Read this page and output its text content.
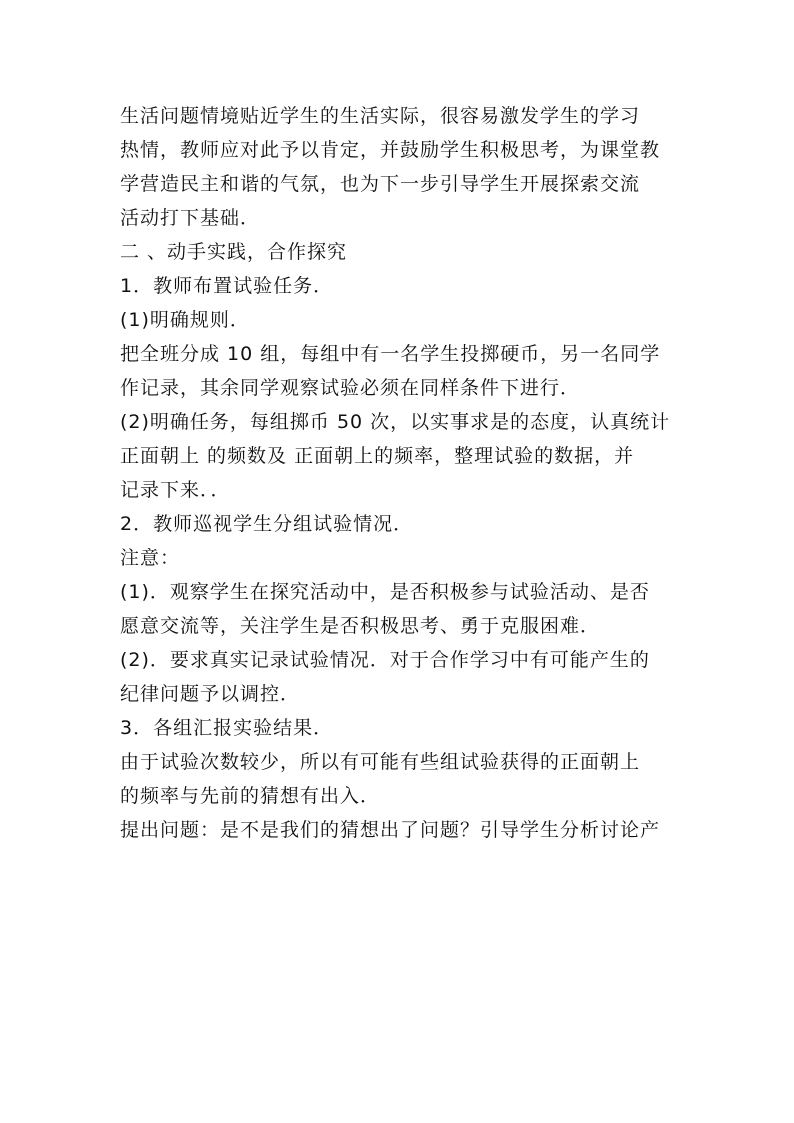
生活问题情境贴近学生的生活实际，很容易激发学生的学习
热情，教师应对此予以肯定，并鼓励学生积极思考，为课堂教
学营造民主和谐的气氛，也为下一步引导学生开展探索交流
活动打下基础．
二 、动手实践，合作探究
1．教师布置试验任务．
(1)明确规则．
把全班分成 10 组，每组中有一名学生投掷硬币，另一名同学
作记录，其余同学观察试验必须在同样条件下进行．
(2)明确任务，每组掷币 50 次，以实事求是的态度，认真统计
正面朝上 的频数及 正面朝上的频率，整理试验的数据，并
记录下来．．
2．教师巡视学生分组试验情况．
注意：
(1)．观察学生在探究活动中，是否积极参与试验活动、是否
愿意交流等，关注学生是否积极思考、勇于克服困难．
(2)．要求真实记录试验情况．对于合作学习中有可能产生的
纪律问题予以调控．
3．各组汇报实验结果．
由于试验次数较少，所以有可能有些组试验获得的正面朝上
的频率与先前的猜想有出入．
提出问题：是不是我们的猜想出了问题？引导学生分析讨论产
